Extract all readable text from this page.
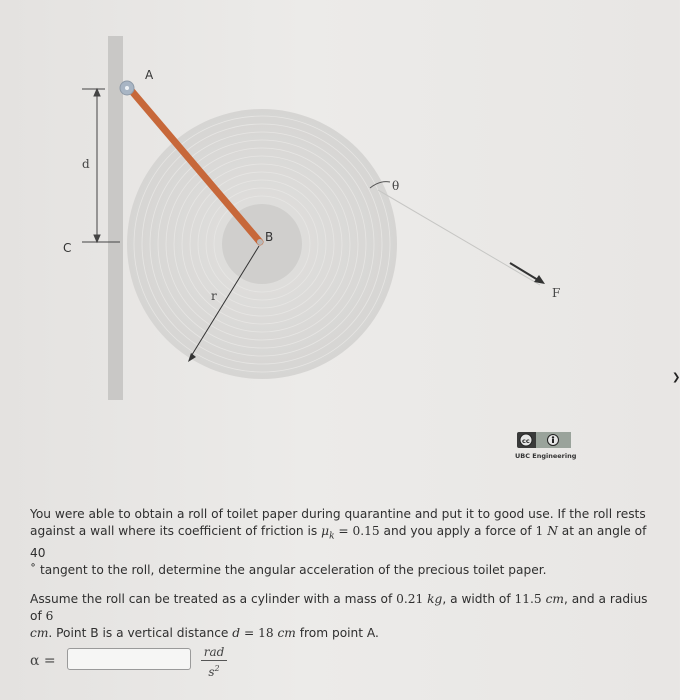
A
B
C
d
r
θ
F
cc
UBC Engineering
❯

You were able to obtain a roll of toilet paper during quarantine and put it to good use. If the roll rests against a wall where its coefficient of friction is $\mu_k = 0.15$ and you apply a force of 1 N at an angle of 40
˚ tangent to the roll, determine the angular acceleration of the precious toilet paper.

Assume the roll can be treated as a cylinder with a mass of 0.21 kg, a width of 11.5 cm, and a radius of 6
cm. Point B is a vertical distance d = 18 cm from point A.

α =
rad
$s^2$
